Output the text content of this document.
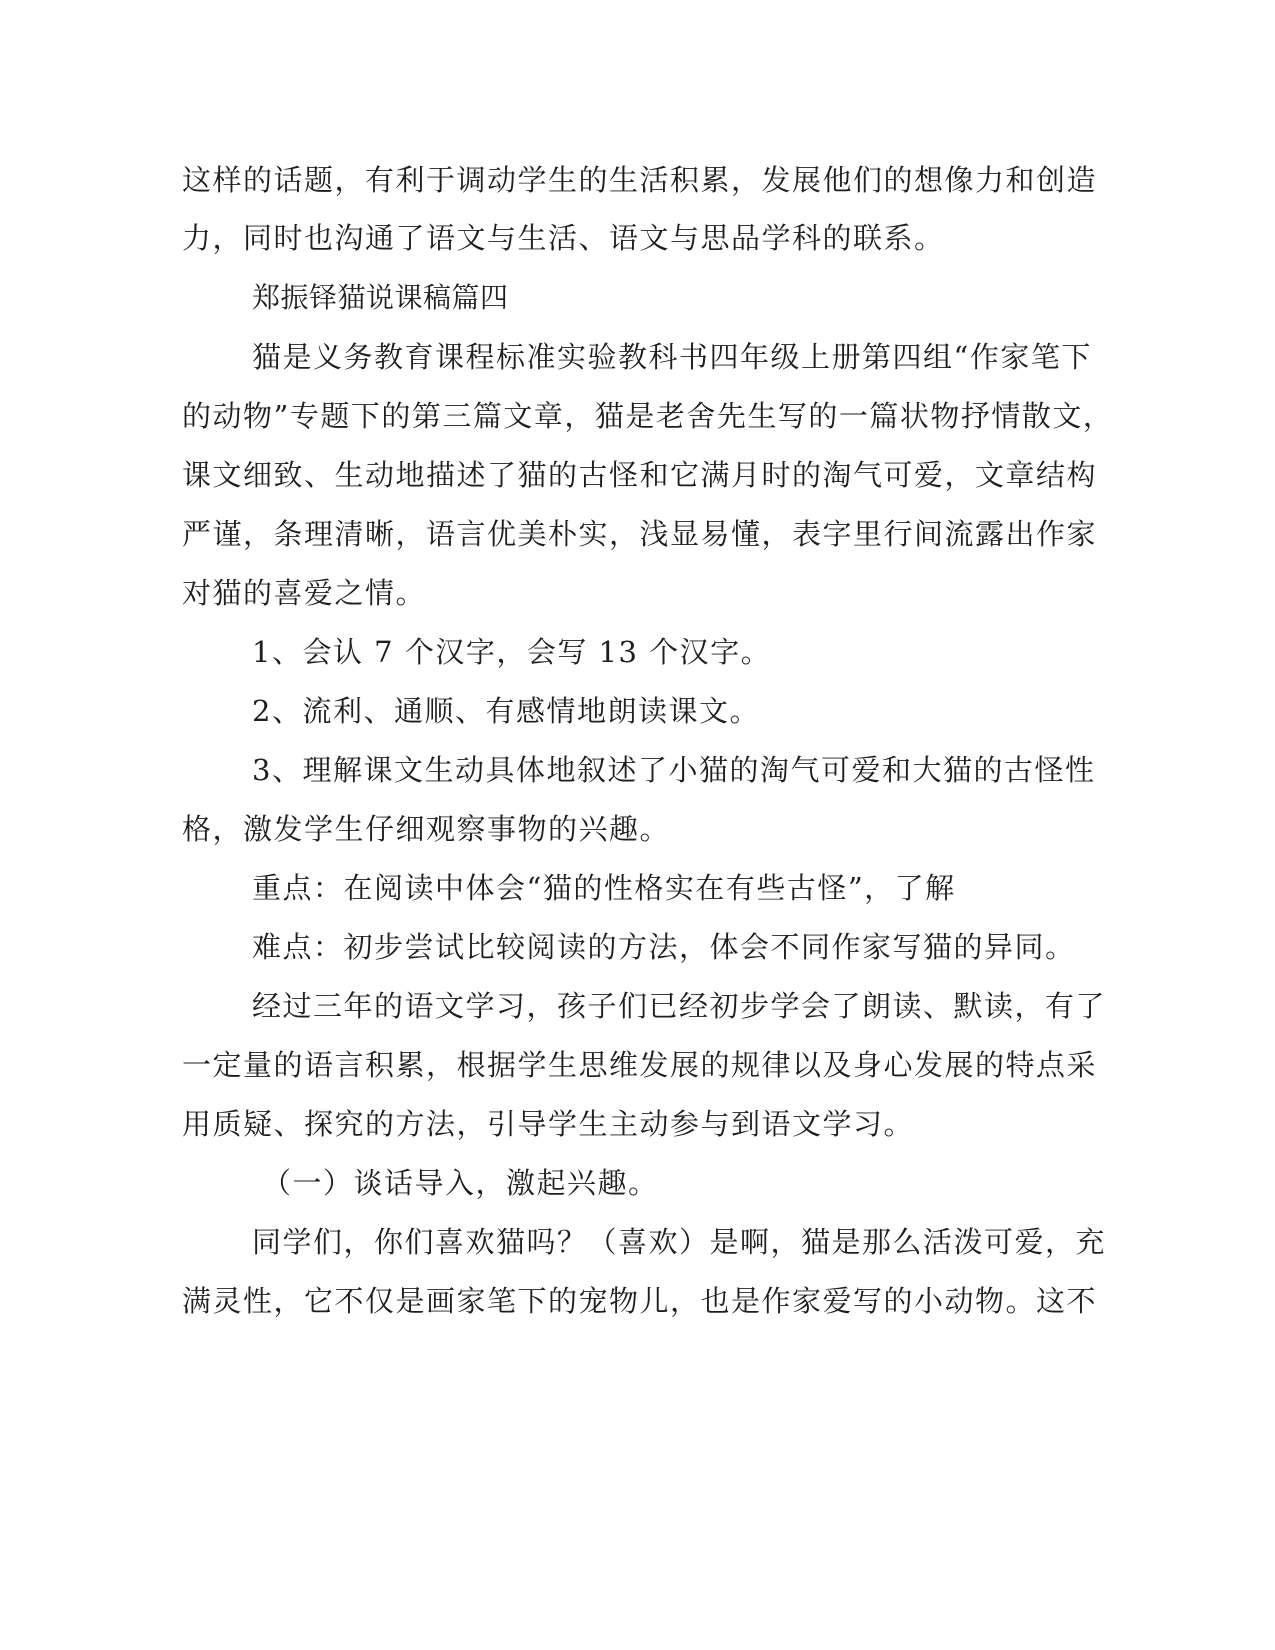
这样的话题，有利于调动学生的生活积累，发展他们的想像力和创造
力，同时也沟通了语文与生活、语文与思品学科的联系。
郑振铎猫说课稿篇四
猫是义务教育课程标准实验教科书四年级上册第四组“作家笔下
的动物”专题下的第三篇文章，猫是老舍先生写的一篇状物抒情散文，
课文细致、生动地描述了猫的古怪和它满月时的淘气可爱，文章结构
严谨，条理清晰，语言优美朴实，浅显易懂，表字里行间流露出作家
对猫的喜爱之情。
1、会认 7 个汉字，会写 13 个汉字。
2、流利、通顺、有感情地朗读课文。
3、理解课文生动具体地叙述了小猫的淘气可爱和大猫的古怪性
格，激发学生仔细观察事物的兴趣。
重点：在阅读中体会“猫的性格实在有些古怪”，了解
难点：初步尝试比较阅读的方法，体会不同作家写猫的异同。
经过三年的语文学习，孩子们已经初步学会了朗读、默读，有了
一定量的语言积累，根据学生思维发展的规律以及身心发展的特点采
用质疑、探究的方法，引导学生主动参与到语文学习。
（一）谈话导入，激起兴趣。
同学们，你们喜欢猫吗？（喜欢）是啊，猫是那么活泼可爱，充
满灵性，它不仅是画家笔下的宠物儿，也是作家爱写的小动物。这不
